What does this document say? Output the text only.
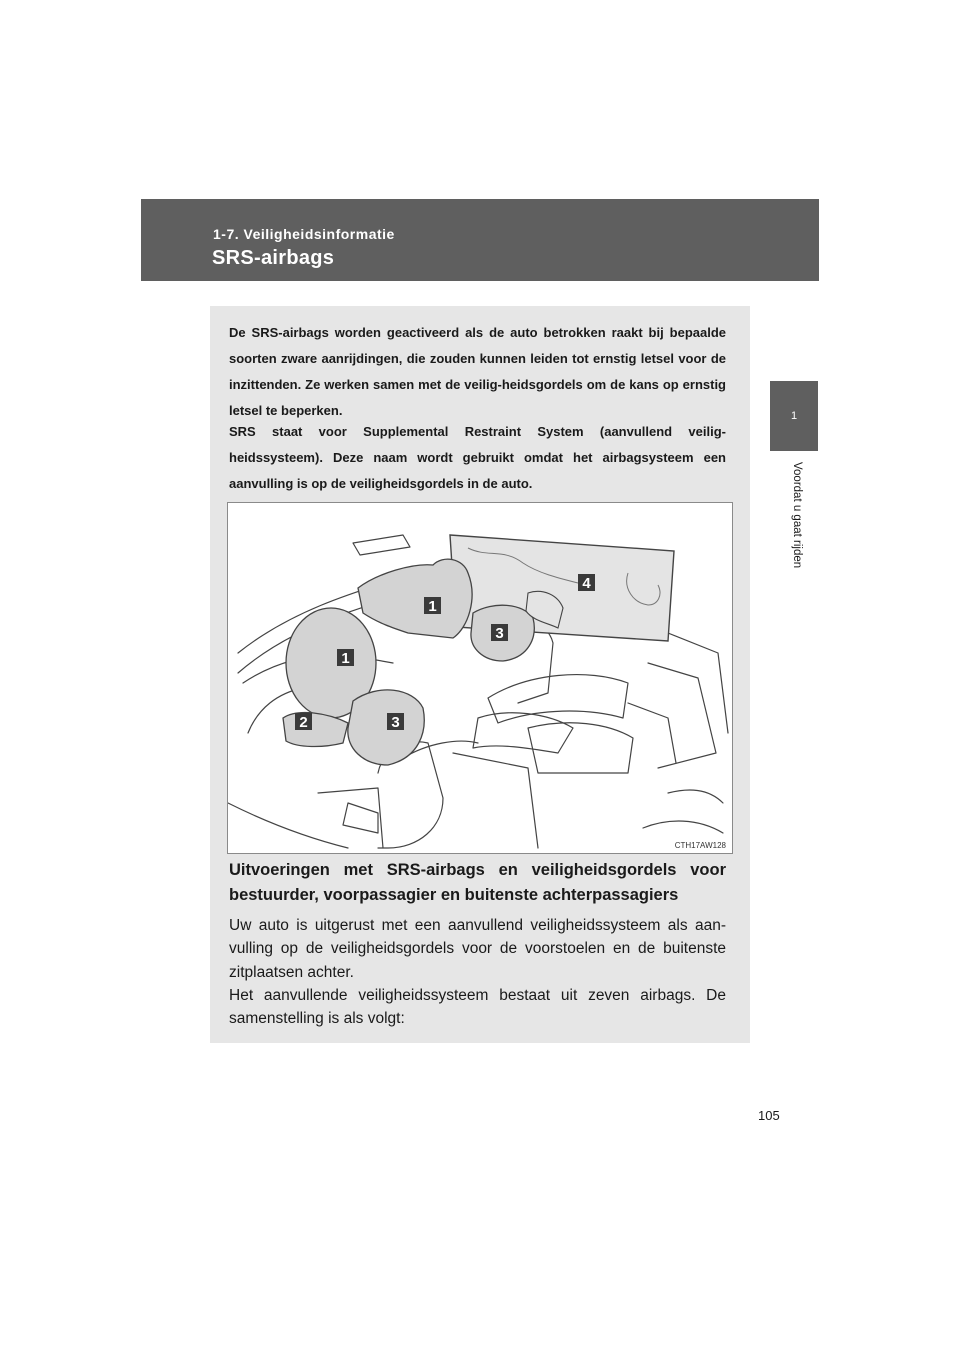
1-7. Veiligheidsinformatie
SRS-airbags
1
Voordat u gaat rijden

De SRS-airbags worden geactiveerd als de auto betrokken raakt bij bepaalde soorten zware aanrijdingen, die zouden kunnen leiden tot ernstig letsel voor de inzittenden. Ze werken samen met de veilig-heidsgordels om de kans op ernstig letsel te beperken.

SRS staat voor Supplemental Restraint System (aanvullend veilig-heidssysteem). Deze naam wordt gebruikt omdat het airbagsysteem een aanvulling is op de veiligheidsgordels in de auto.

1
1
2	3
3
4
CTH17AW128

Uitvoeringen met SRS-airbags en veiligheidsgordels voor bestuurder, voorpassagier en buitenste achterpassagiers

Uw auto is uitgerust met een aanvullend veiligheidssysteem als aan-vulling op de veiligheidsgordels voor de voorstoelen en de buitenste zitplaatsen achter.
Het aanvullende veiligheidssysteem bestaat uit zeven airbags. De samenstelling is als volgt:

105
